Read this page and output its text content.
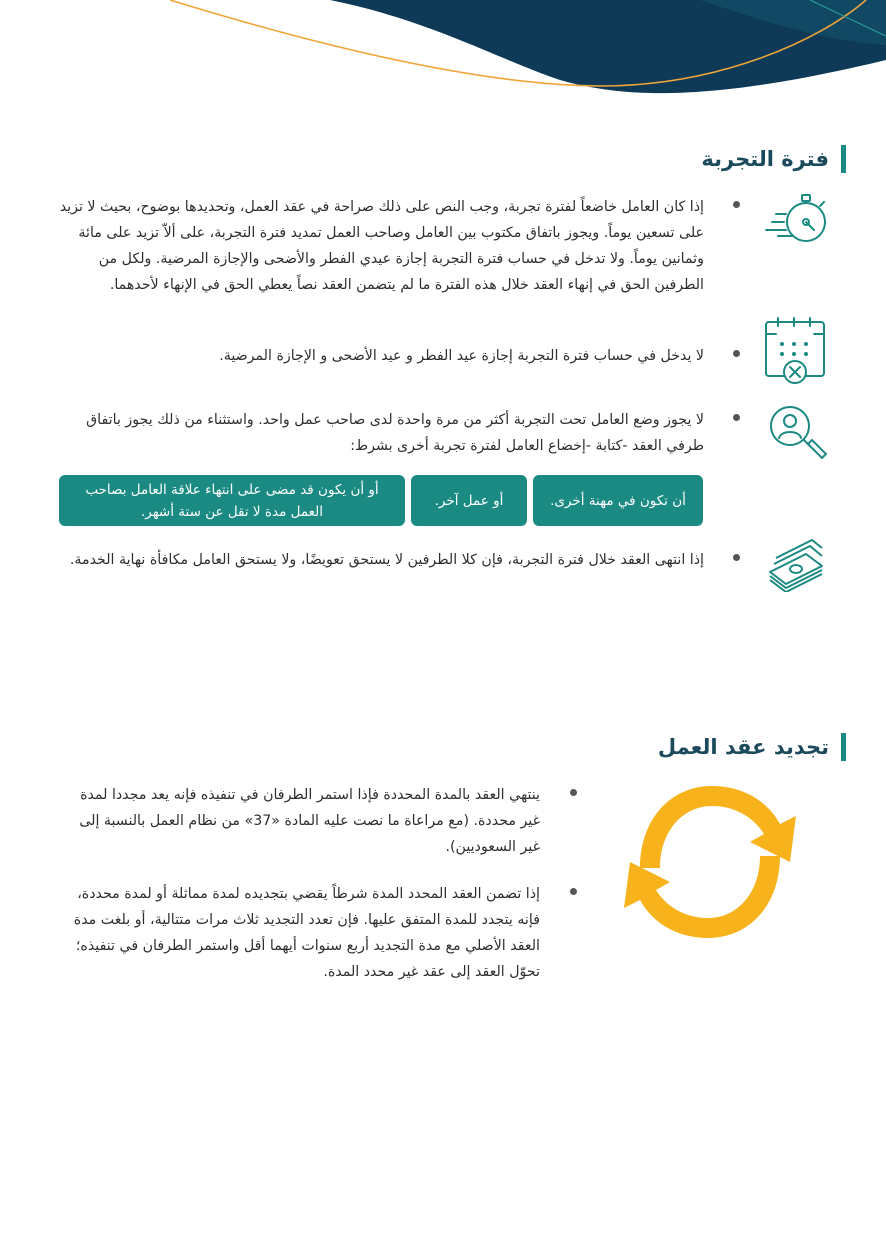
فترة التجربة
إذا كان العامل خاضعاً لفترة تجربة، وجب النص على ذلك صراحة في عقد العمل، وتحديدها بوضوح، بحيث لا تزيد على تسعين يوماً. ويجوز باتفاق مكتوب بين العامل وصاحب العمل تمديد فترة التجربة، على ألاّ تزيد على مائة وثمانين يوماً. ولا تدخل في حساب فترة التجربة إجازة عيدي الفطر والأضحى والإجازة المرضية. ولكل من الطرفين الحق في إنهاء العقد خلال هذه الفترة ما لم يتضمن العقد نصاً يعطي الحق في الإنهاء لأحدهما.
لا يدخل في حساب فترة التجربة إجازة عيد الفطر و عيد الأضحى و الإجازة المرضية.
لا يجوز وضع العامل تحت التجربة أكثر من مرة واحدة لدى صاحب عمل واحد. واستثناء من ذلك يجوز باتفاق طرفي العقد -كتابة -إخضاع العامل لفترة تجربة أخرى بشرط:
أن تكون في مهنة أخرى.
أو عمل آخر.
أو أن يكون قد مضى على انتهاء علاقة العامل بصاحب العمل مدة لا تقل عن ستة أشهر.
إذا انتهى العقد خلال فترة التجربة، فإن كلا الطرفين لا يستحق تعويضًا، ولا يستحق العامل مكافأة نهاية الخدمة.
تجديد عقد العمل
ينتهي العقد بالمدة المحددة فإذا استمر الطرفان في تنفيذه فإنه يعد مجددا لمدة غير محددة. (مع مراعاة ما نصت عليه المادة «37» من نظام العمل بالنسبة إلى غير السعوديين).
إذا تضمن العقد المحدد المدة شرطاً يقضي بتجديده لمدة مماثلة أو لمدة محددة، فإنه يتجدد للمدة المتفق عليها. فإن تعدد التجديد ثلاث مرات متتالية، أو بلغت مدة العقد الأصلي مع مدة التجديد أربع سنوات أيهما أقل واستمر الطرفان في تنفيذه؛ تحوّل العقد إلى عقد غير محدد المدة.
